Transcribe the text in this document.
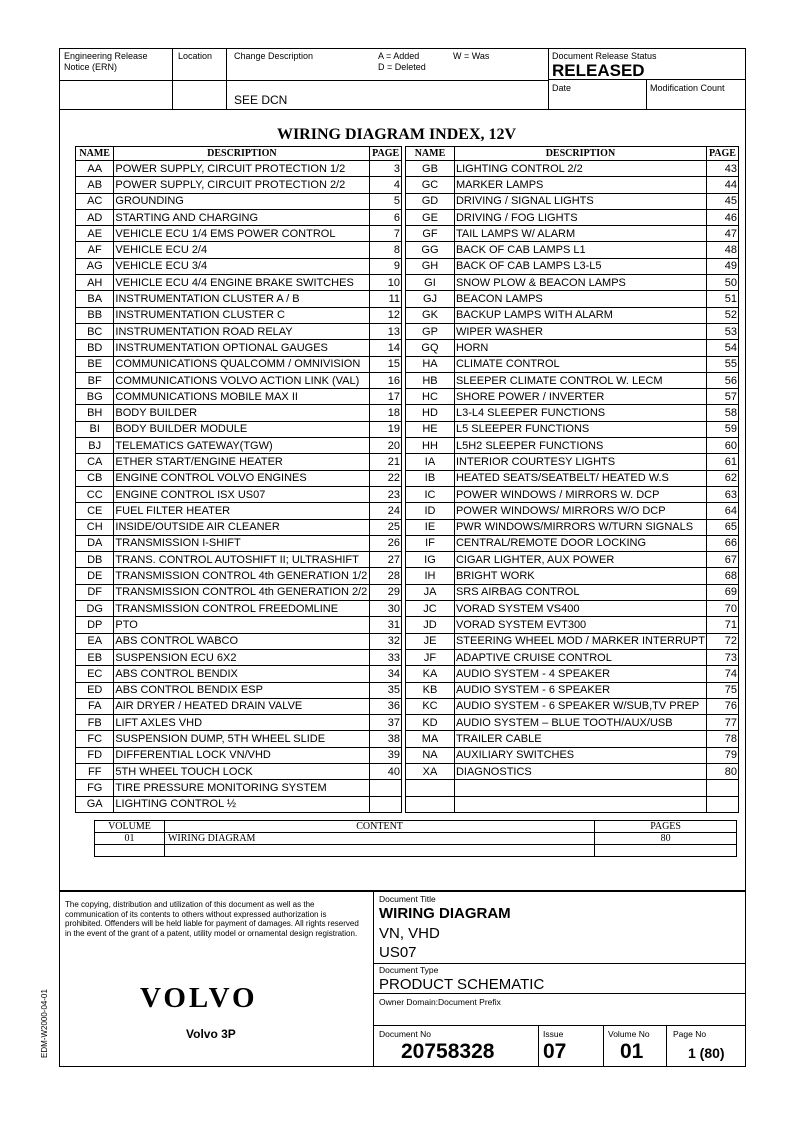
Engineering Release Notice (ERN)
Location Change Description	A = Added
D = Deleted
W = Was	Document Release Status
RELEASED
Date	Modification Count
SEE DCN
WIRING DIAGRAM INDEX, 12V
NAME	DESCRIPTION	PAGE
AA	POWER SUPPLY, CIRCUIT PROTECTION 1/2	3
AB	POWER SUPPLY, CIRCUIT PROTECTION 2/2	4
AC	GROUNDING	5
AD	STARTING AND CHARGING	6
AE	VEHICLE ECU 1/4 EMS POWER CONTROL	7
AF	VEHICLE ECU 2/4	8
AG	VEHICLE ECU 3/4	9
AH	VEHICLE ECU 4/4 ENGINE BRAKE SWITCHES	10
BA	INSTRUMENTATION CLUSTER A / B	11
BB	INSTRUMENTATION CLUSTER C	12
BC	INSTRUMENTATION ROAD RELAY	13
BD	INSTRUMENTATION OPTIONAL GAUGES	14
BE	COMMUNICATIONS QUALCOMM / OMNIVISION	15
BF	COMMUNICATIONS VOLVO ACTION LINK (VAL)	16
BG	COMMUNICATIONS MOBILE MAX II	17
BH	BODY BUILDER	18
BI	BODY BUILDER MODULE	19
BJ	TELEMATICS GATEWAY(TGW)	20
CA	ETHER START/ENGINE HEATER	21
CB	ENGINE CONTROL VOLVO ENGINES	22
CC	ENGINE CONTROL ISX US07	23
CE	FUEL FILTER HEATER	24
CH	INSIDE/OUTSIDE AIR CLEANER	25
DA	TRANSMISSION I-SHIFT	26
DB	TRANS. CONTROL AUTOSHIFT II; ULTRASHIFT	27
DE	TRANSMISSION CONTROL 4th GENERATION 1/2	28
DF	TRANSMISSION CONTROL 4th GENERATION 2/2	29
DG	TRANSMISSION CONTROL FREEDOMLINE	30
DP	PTO	31
EA	ABS CONTROL WABCO	32
EB	SUSPENSION ECU 6X2	33
EC	ABS CONTROL BENDIX	34
ED	ABS CONTROL BENDIX ESP	35
FA	AIR DRYER / HEATED DRAIN VALVE	36
FB	LIFT AXLES VHD	37
FC	SUSPENSION DUMP, 5TH WHEEL SLIDE	38
FD	DIFFERENTIAL LOCK VN/VHD	39
FF	5TH WHEEL TOUCH LOCK	40
FG	TIRE PRESSURE MONITORING SYSTEM	
GA	LIGHTING CONTROL ½	
NAME	DESCRIPTION	PAGE
GB	LIGHTING CONTROL 2/2	43
GC	MARKER LAMPS	44
GD	DRIVING / SIGNAL LIGHTS	45
GE	DRIVING / FOG LIGHTS	46
GF	TAIL LAMPS W/ ALARM	47
GG	BACK OF CAB LAMPS L1	48
GH	BACK OF CAB LAMPS L3-L5	49
GI	SNOW PLOW & BEACON LAMPS	50
GJ	BEACON LAMPS	51
GK	BACKUP LAMPS WITH ALARM	52
GP	WIPER WASHER	53
GQ	HORN	54
HA	CLIMATE CONTROL	55
HB	SLEEPER CLIMATE CONTROL W. LECM	56
HC	SHORE POWER / INVERTER	57
HD	L3-L4 SLEEPER FUNCTIONS	58
HE	L5 SLEEPER FUNCTIONS	59
HH	L5H2 SLEEPER FUNCTIONS	60
IA	INTERIOR COURTESY LIGHTS	61
IB	HEATED SEATS/SEATBELT/ HEATED W.S	62
IC	POWER WINDOWS / MIRRORS W. DCP	63
ID	POWER WINDOWS/ MIRRORS W/O DCP	64
IE	PWR WINDOWS/MIRRORS W/TURN SIGNALS	65
IF	CENTRAL/REMOTE DOOR LOCKING	66
IG	CIGAR LIGHTER, AUX POWER	67
IH	BRIGHT WORK	68
JA	SRS AIRBAG CONTROL	69
JC	VORAD SYSTEM VS400	70
JD	VORAD SYSTEM EVT300	71
JE	STEERING WHEEL MOD / MARKER INTERRUPT	72
JF	ADAPTIVE CRUISE CONTROL	73
KA	AUDIO SYSTEM - 4 SPEAKER	74
KB	AUDIO SYSTEM - 6 SPEAKER	75
KC	AUDIO SYSTEM - 6 SPEAKER W/SUB,TV PREP	76
KD	AUDIO SYSTEM – BLUE TOOTH/AUX/USB	77
MA	TRAILER CABLE	78
NA	AUXILIARY SWITCHES	79
XA	DIAGNOSTICS	80

VOLUME	CONTENT	PAGES
01	WIRING DIAGRAM	80

The copying, distribution and utilization of this document as well as the communication of its contents to others without expressed authorization is prohibited. Offenders will be held liable for payment of damages. All rights reserved in the event of the grant of a patent, utility model or ornamental design registration.
VOLVO
Volvo 3P
EDM-W2000-04-01
Document Title
WIRING DIAGRAM
VN, VHD
US07
Document Type
PRODUCT SCHEMATIC
Owner Domain:Document Prefix
Document No
20758328
Issue
07
Volume No
01
Page No
1 (80)
